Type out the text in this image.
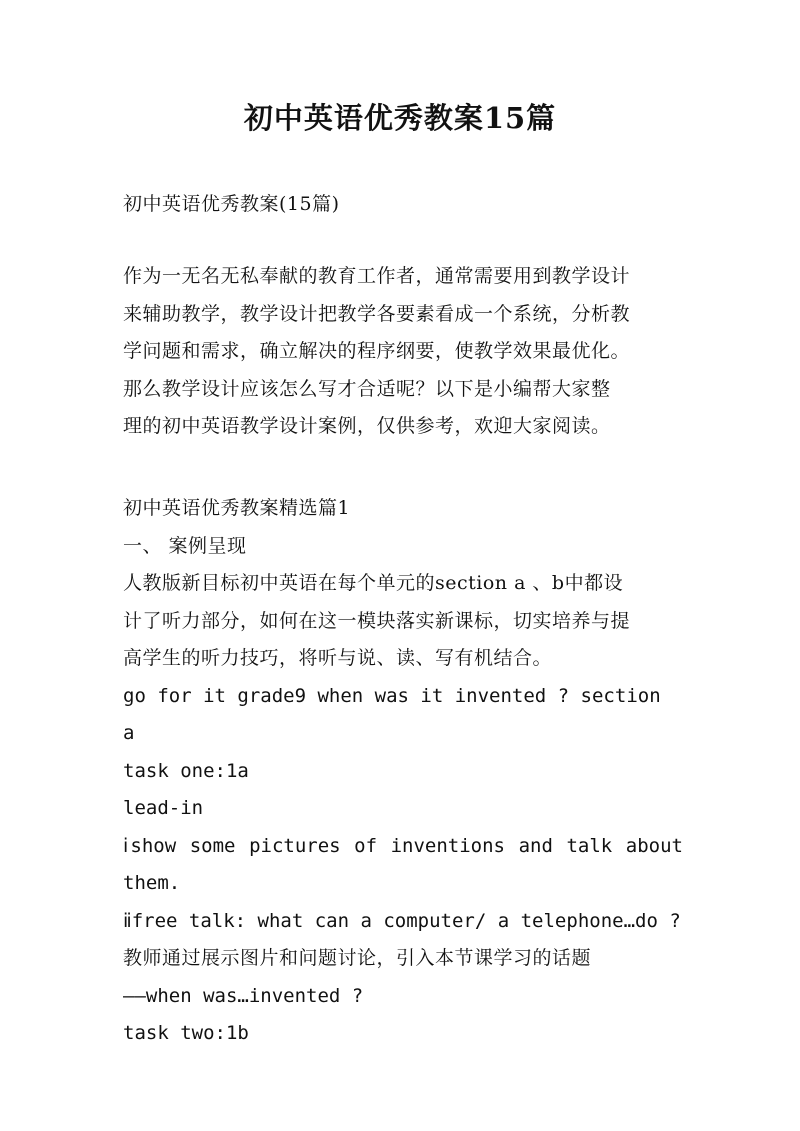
初中英语优秀教案15篇

初中英语优秀教案(15篇)

作为一无名无私奉献的教育工作者，通常需要用到教学设计

来辅助教学，教学设计把教学各要素看成一个系统，分析教

学问题和需求，确立解决的程序纲要，使教学效果最优化。

那么教学设计应该怎么写才合适呢？以下是小编帮大家整

理的初中英语教学设计案例，仅供参考，欢迎大家阅读。

初中英语优秀教案精选篇1

一、 案例呈现

人教版新目标初中英语在每个单元的section a 、b中都设

计了听力部分，如何在这一模块落实新课标，切实培养与提

高学生的听力技巧，将听与说、读、写有机结合。

go for it grade9 when was it invented ? section a

task one:1a

lead-in

ⅰshow some pictures of inventions and talk about

them.

ⅱfree talk: what can a computer/ a telephone…do ?

教师通过展示图片和问题讨论，引入本节课学习的话题

——when was…invented ?

task two:1b
